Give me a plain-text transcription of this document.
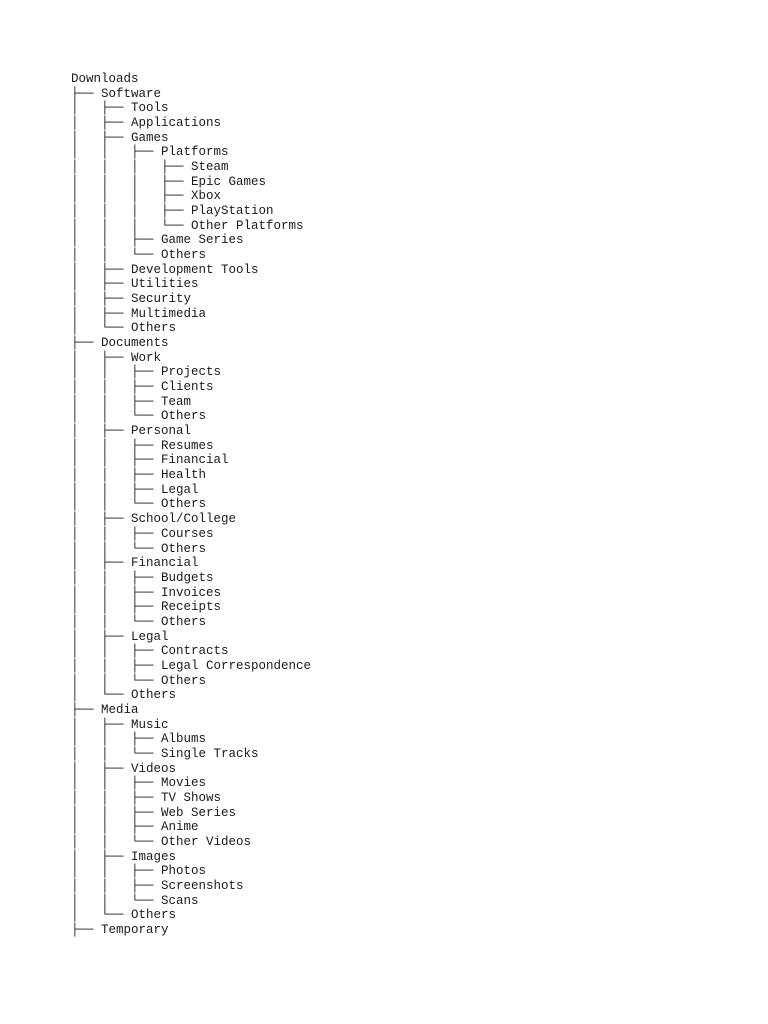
Downloads
├── Software
│   ├── Tools
│   ├── Applications
│   ├── Games
│   │   ├── Platforms
│   │   │   ├── Steam
│   │   │   ├── Epic Games
│   │   │   ├── Xbox
│   │   │   ├── PlayStation
│   │   │   └── Other Platforms
│   │   ├── Game Series
│   │   └── Others
│   ├── Development Tools
│   ├── Utilities
│   ├── Security
│   ├── Multimedia
│   └── Others
├── Documents
│   ├── Work
│   │   ├── Projects
│   │   ├── Clients
│   │   ├── Team
│   │   └── Others
│   ├── Personal
│   │   ├── Resumes
│   │   ├── Financial
│   │   ├── Health
│   │   ├── Legal
│   │   └── Others
│   ├── School/College
│   │   ├── Courses
│   │   └── Others
│   ├── Financial
│   │   ├── Budgets
│   │   ├── Invoices
│   │   ├── Receipts
│   │   └── Others
│   ├── Legal
│   │   ├── Contracts
│   │   ├── Legal Correspondence
│   │   └── Others
│   └── Others
├── Media
│   ├── Music
│   │   ├── Albums
│   │   └── Single Tracks
│   ├── Videos
│   │   ├── Movies
│   │   ├── TV Shows
│   │   ├── Web Series
│   │   ├── Anime
│   │   └── Other Videos
│   ├── Images
│   │   ├── Photos
│   │   ├── Screenshots
│   │   └── Scans
│   └── Others
├── Temporary
